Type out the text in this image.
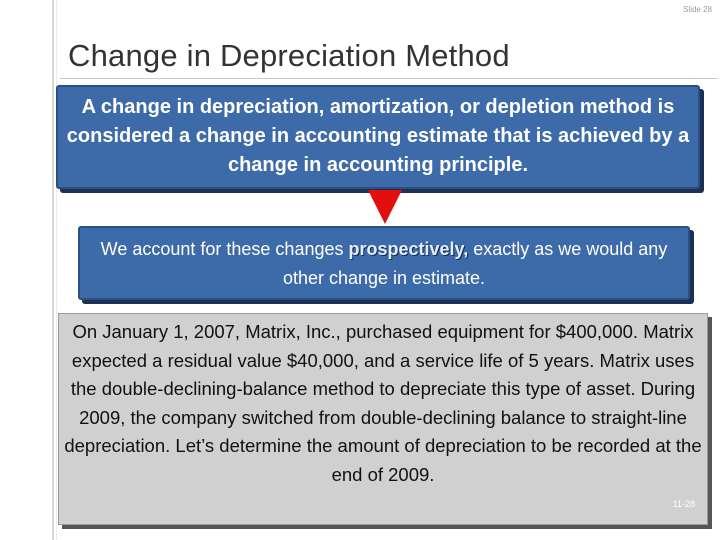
Slide 28
Change in Depreciation Method
A change in depreciation, amortization, or depletion method is considered a change in accounting estimate that is achieved by a change in accounting principle.
We account for these changes prospectively, exactly as we would any other change in estimate.
On January 1, 2007, Matrix, Inc., purchased equipment for $400,000. Matrix expected a residual value $40,000, and a service life of 5 years. Matrix uses the double-declining-balance method to depreciate this type of asset. During 2009, the company switched from double-declining balance to straight-line depreciation. Let’s determine the amount of depreciation to be recorded at the end of 2009.
11-28
